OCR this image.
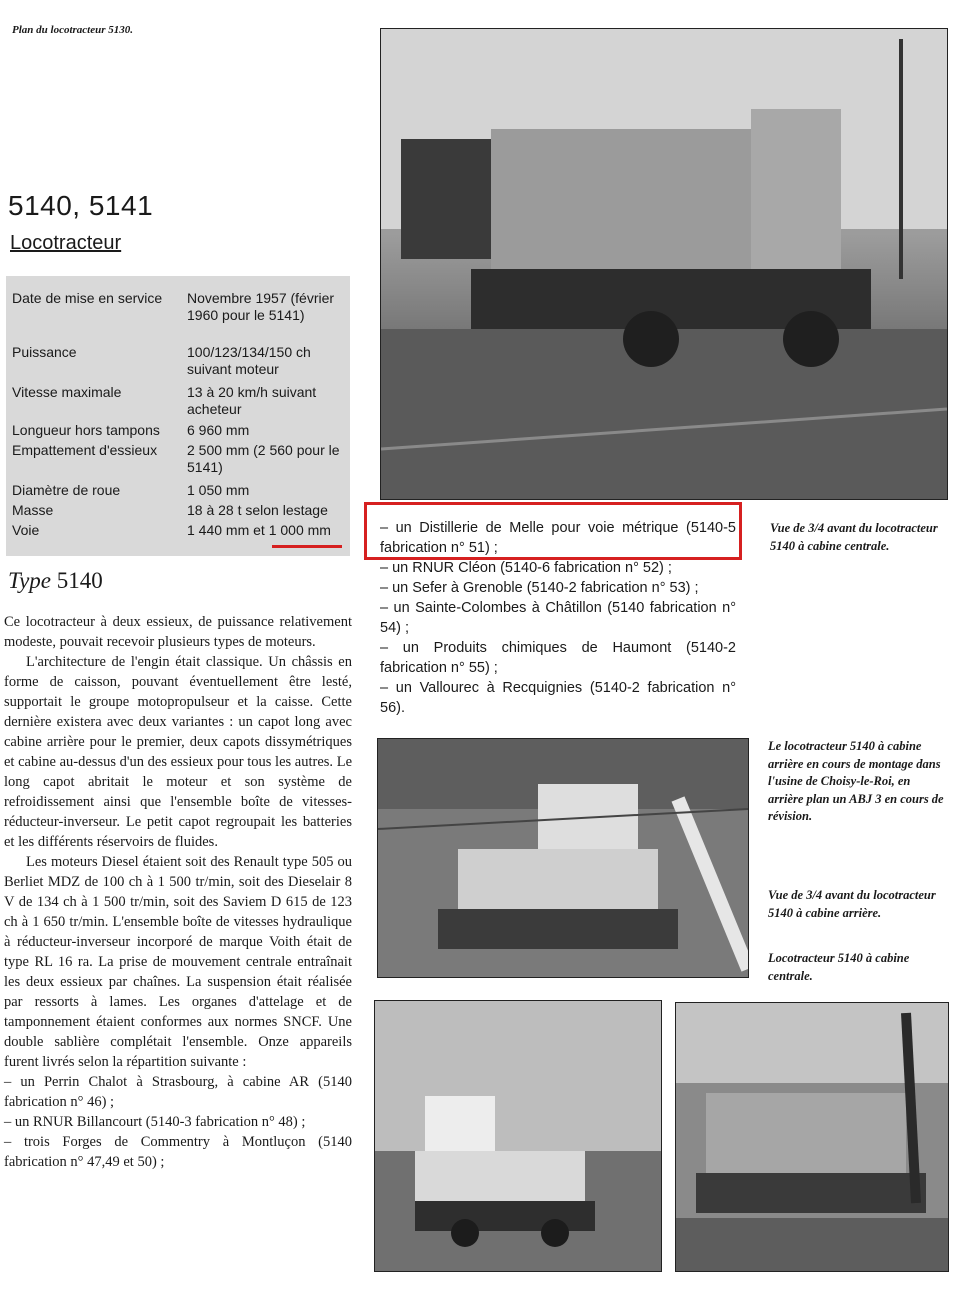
Plan du locotracteur 5130.
5140, 5141
Locotracteur
Date de mise en service	Novembre 1957 (février 1960 pour le 5141)
Puissance	100/123/134/150 ch suivant moteur
Vitesse maximale	13 à 20 km/h suivant acheteur
Longueur hors tampons	6 960 mm
Empattement d'essieux	2 500 mm (2 560 pour le 5141)
Diamètre de roue	1 050 mm
Masse	18 à 28 t selon lestage
Voie	1 440 mm et 1 000 mm
Type 5140

Ce locotracteur à deux essieux, de puissance relativement modeste, pouvait recevoir plusieurs types de moteurs.

L'architecture de l'engin était classique. Un châssis en forme de caisson, pouvant éventuellement être lesté, supportait le groupe motopropulseur et la caisse. Cette dernière existera avec deux variantes : un capot long avec cabine arrière pour le premier, deux capots dissymétriques et cabine au-dessus d'un des essieux pour tous les autres. Le long capot abritait le moteur et son système de refroidissement ainsi que l'ensemble boîte de vitesses-réducteur-inverseur. Le petit capot regroupait les batteries et les différents réservoirs de fluides.

Les moteurs Diesel étaient soit des Renault type 505 ou Berliet MDZ de 100 ch à 1 500 tr/min, soit des Dieselair 8 V de 134 ch à 1 500 tr/min, soit des Saviem D 615 de 123 ch à 1 650 tr/min. L'ensemble boîte de vitesses hydraulique à réducteur-inverseur incorporé de marque Voith était de type RL 16 ra. La prise de mouvement centrale entraînait les deux essieux par chaînes. La suspension était réalisée par ressorts à lames. Les organes d'attelage et de tamponnement étaient conformes aux normes SNCF. Une double sablière complétait l'ensemble. Onze appareils furent livrés selon la répartition suivante :

– un Perrin Chalot à Strasbourg, à cabine AR (5140 fabrication n° 46) ;

– un RNUR Billancourt (5140-3 fabrication n° 48) ;

– trois Forges de Commentry à Montluçon (5140 fabrication n° 47,49 et 50) ;

– un Distillerie de Melle pour voie métrique (5140-5 fabrication n° 51) ;

– un RNUR Cléon (5140-6 fabrication n° 52) ;

– un Sefer à Grenoble (5140-2 fabrication n° 53) ;

– un Sainte-Colombes à Châtillon (5140 fabrication n° 54) ;

– un Produits chimiques de Haumont (5140-2 fabrication n° 55) ;

– un Vallourec à Recquignies (5140-2 fabrication n° 56).

Vue de 3/4 avant du locotracteur 5140 à cabine centrale.
Le locotracteur 5140 à cabine arrière en cours de montage dans l'usine de Choisy-le-Roi, en arrière plan un ABJ 3 en cours de révision.
Vue de 3/4 avant du locotracteur 5140 à cabine arrière.
Locotracteur 5140 à cabine centrale.
